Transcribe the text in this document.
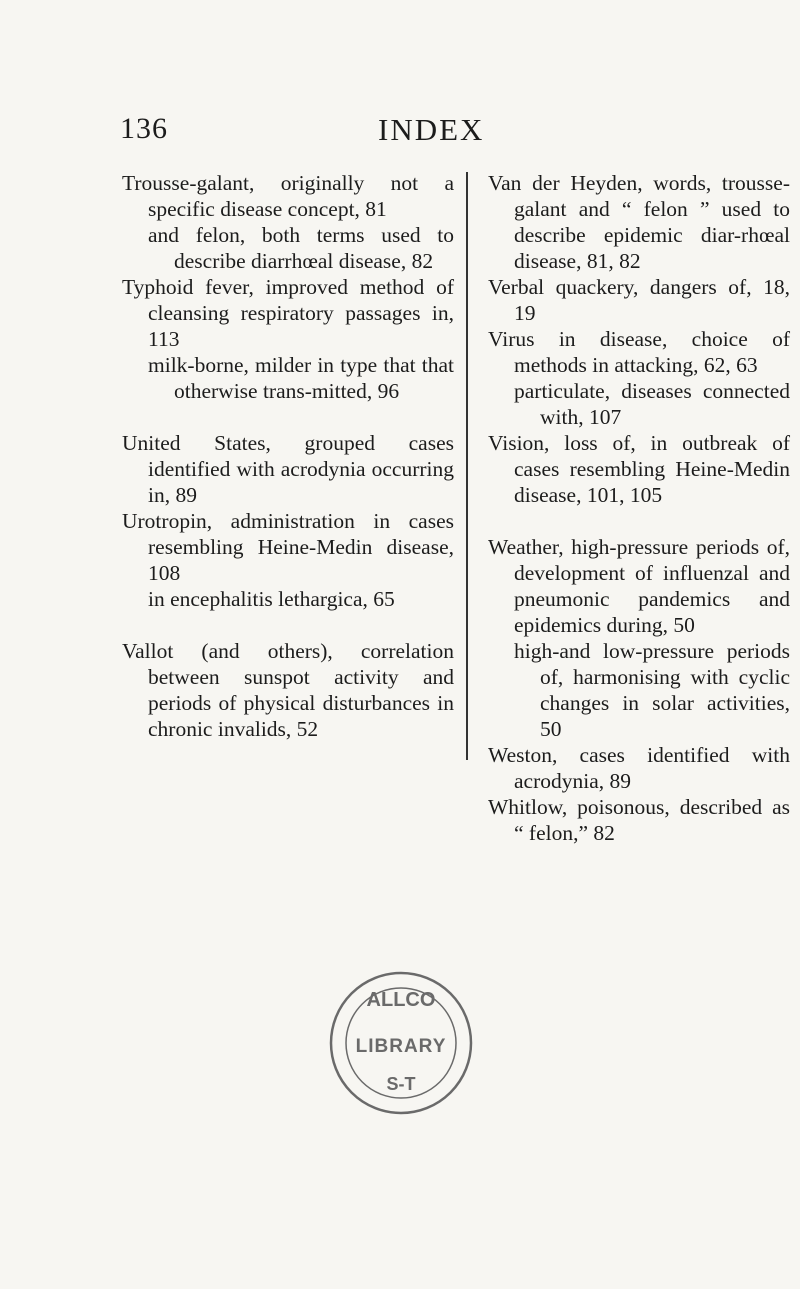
136	INDEX

Trousse-galant, originally not a specific disease concept, 81

and felon, both terms used to describe diarrhœal disease, 82

Typhoid fever, improved method of cleansing respiratory passages in, 113

milk-borne, milder in type that that otherwise trans-mitted, 96

United States, grouped cases identified with acrodynia occurring in, 89

Urotropin, administration in cases resembling Heine-Medin disease, 108

in encephalitis lethargica, 65

Vallot (and others), correlation between sunspot activity and periods of physical disturbances in chronic invalids, 52

Van der Heyden, words, trousse-galant and “ felon ” used to describe epidemic diar-rhœal disease, 81, 82

Verbal quackery, dangers of, 18, 19

Virus in disease, choice of methods in attacking, 62, 63

particulate, diseases connected with, 107

Vision, loss of, in outbreak of cases resembling Heine-Medin disease, 101, 105

Weather, high-pressure periods of, development of influenzal and pneumonic pandemics and epidemics during, 50

high-and low-pressure periods of, harmonising with cyclic changes in solar activities, 50

Weston, cases identified with acrodynia, 89

Whitlow, poisonous, described as “ felon,” 82

ALLCO
LIBRARY
S-T
